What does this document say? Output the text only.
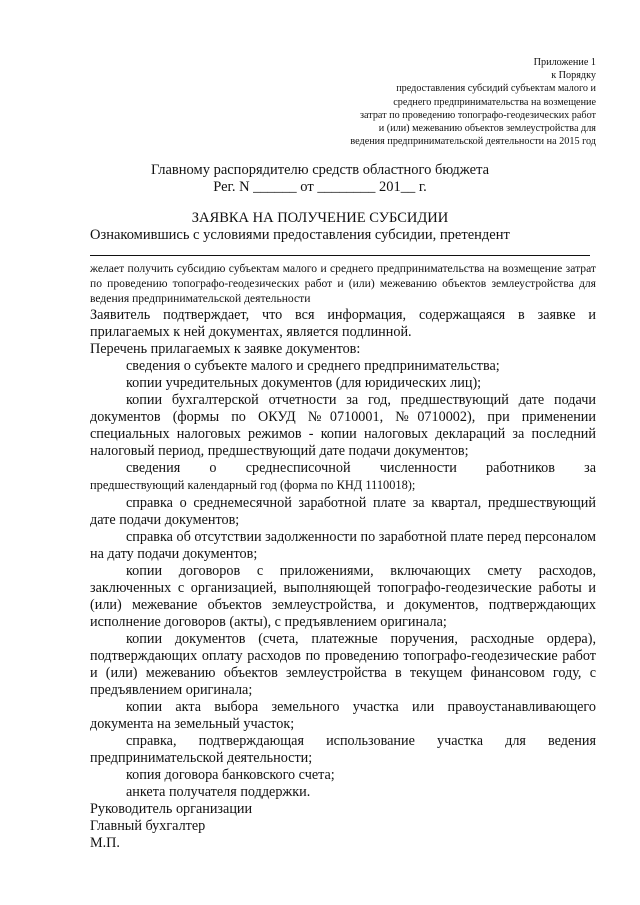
Приложение 1
к Порядку
предоставления субсидий субъектам малого и
среднего предпринимательства на возмещение
затрат по проведению топографо-геодезических работ
и (или) межеванию объектов землеустройства для
ведения предпринимательской деятельности на 2015 год
Главному распорядителю средств областного бюджета
Рег. N ______ от ________ 201__ г.
ЗАЯВКА НА ПОЛУЧЕНИЕ СУБСИДИИ
Ознакомившись с условиями предоставления субсидии, претендент
желает получить субсидию субъектам малого и среднего предпринимательства на возмещение затрат по проведению топографо-геодезических работ и (или) межеванию объектов землеустройства для ведения предпринимательской деятельности

Заявитель подтверждает, что вся информация, содержащаяся в заявке и прилагаемых к ней документах, является подлинной.

Перечень прилагаемых к заявке документов:

сведения о субъекте малого и среднего предпринимательства;

копии учредительных документов (для юридических лиц);

копии бухгалтерской отчетности за год, предшествующий дате подачи документов (формы по ОКУД №0710001, №0710002), при применении специальных налоговых режимов - копии налоговых деклараций за последний налоговый период, предшествующий дате подачи документов;

сведения о среднесписочной численности работников за

предшествующий календарный год (форма по КНД 1110018);

справка о среднемесячной заработной плате за квартал, предшествующий дате подачи документов;

справка об отсутствии задолженности по заработной плате перед персоналом на дату подачи документов;

копии договоров с приложениями, включающих смету расходов, заключенных с организацией, выполняющей топографо-геодезические работы и (или) межевание объектов землеустройства, и документов, подтверждающих исполнение договоров (акты), с предъявлением оригинала;

копии документов (счета, платежные поручения, расходные ордера), подтверждающих оплату расходов по проведению топографо-геодезические работ и (или) межеванию объектов землеустройства в текущем финансовом году, с предъявлением оригинала;

копии акта выбора земельного участка или правоустанавливающего документа на земельный участок;

справка, подтверждающая использование участка для ведения предпринимательской деятельности;

копия договора банковского счета;

анкета получателя поддержки.

Руководитель организации

Главный бухгалтер

М.П.
